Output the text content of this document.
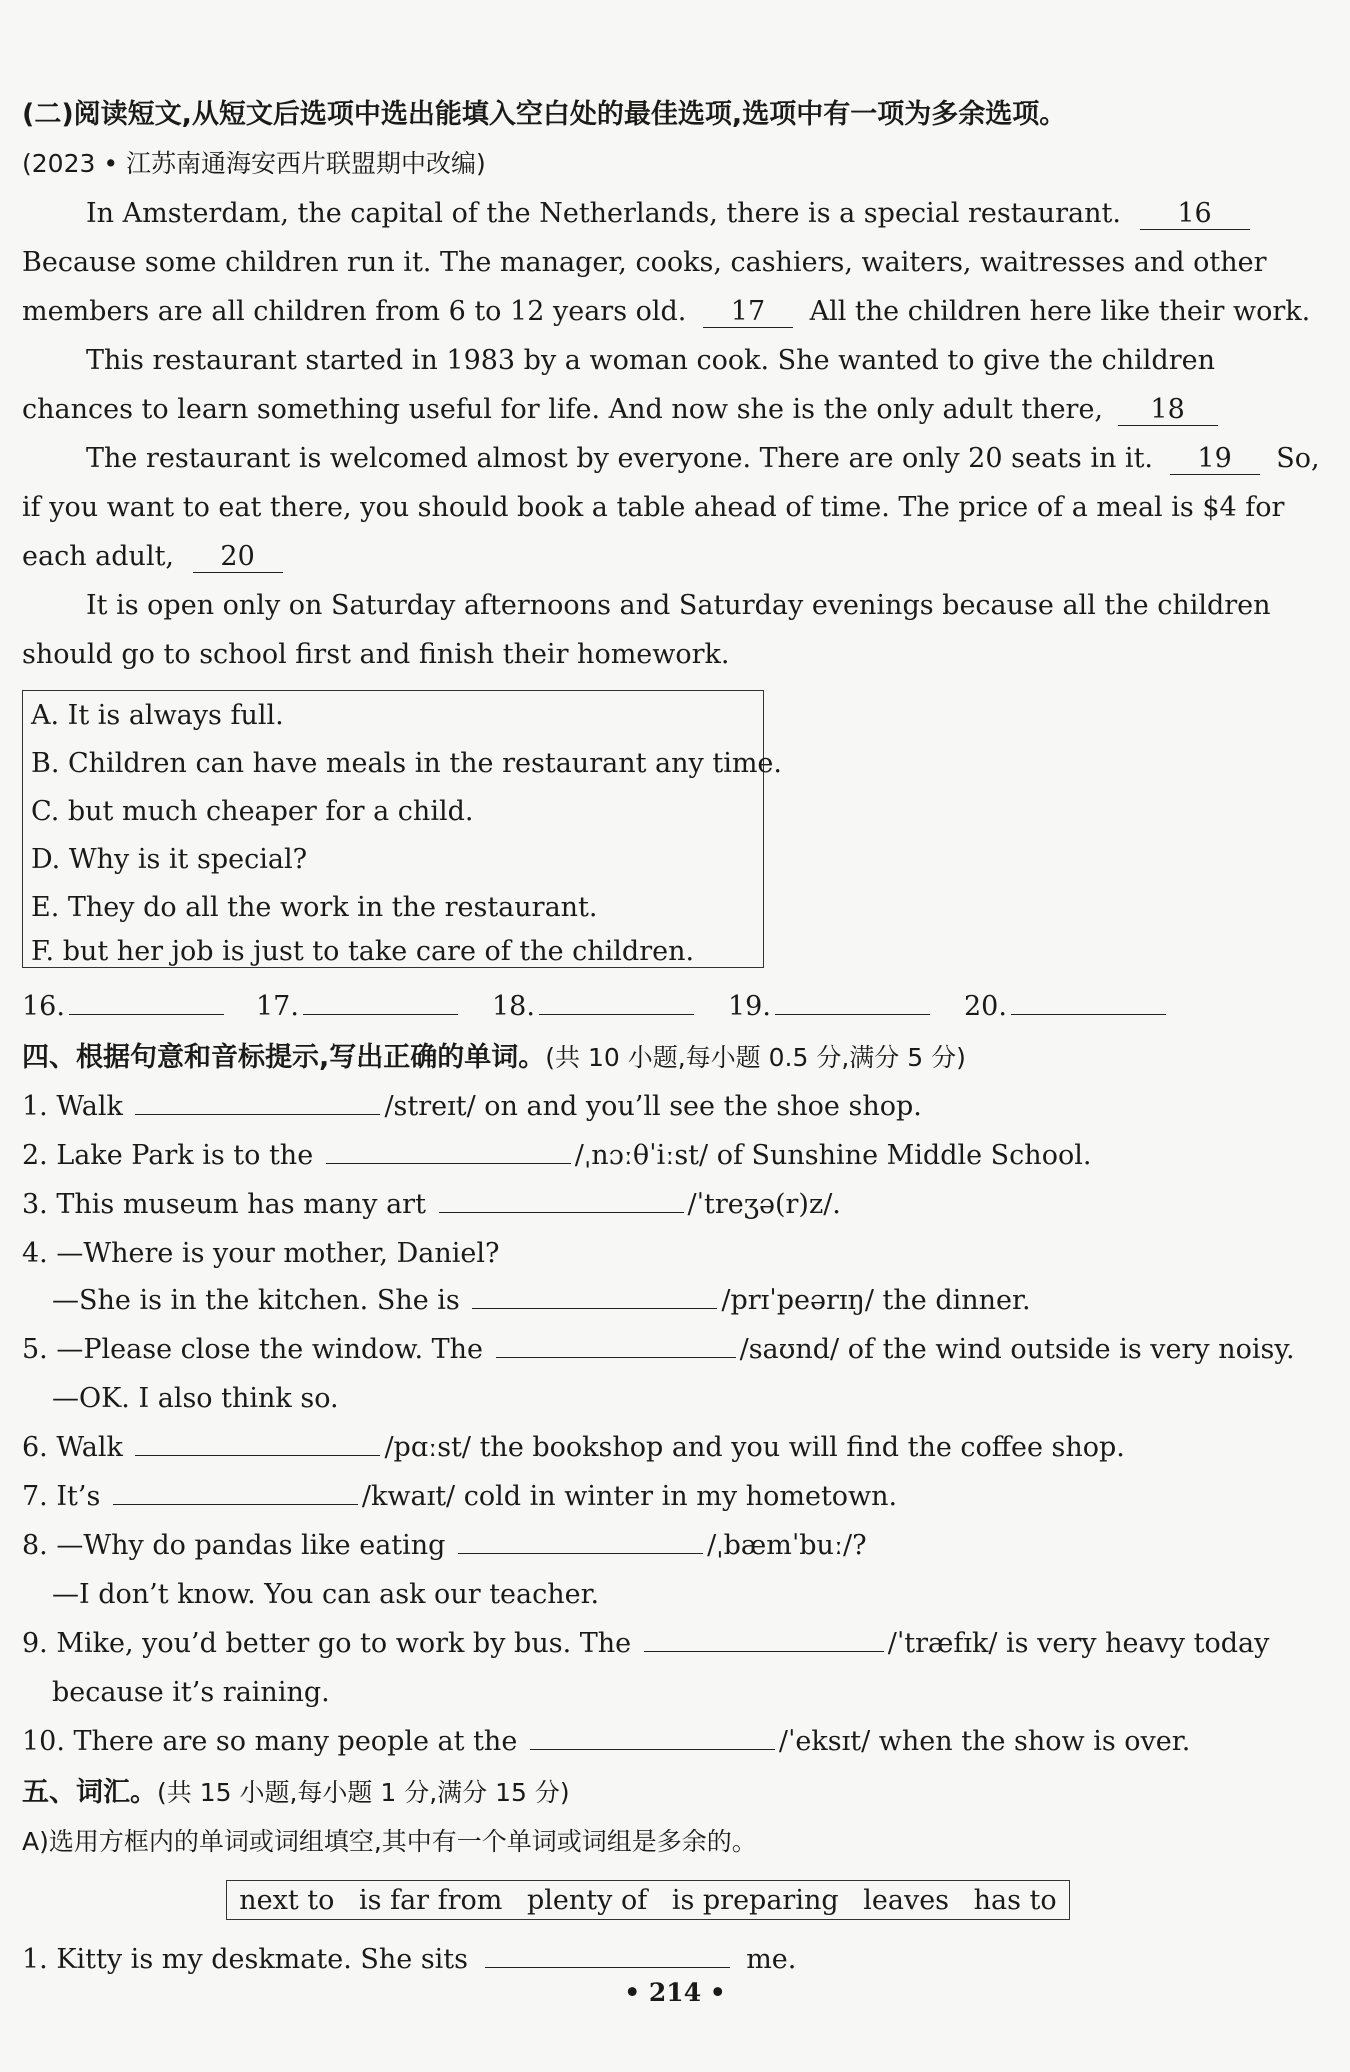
(二)阅读短文,从短文后选项中选出能填入空白处的最佳选项,选项中有一项为多余选项。
(2023 • 江苏南通海安西片联盟期中改编)
In Amsterdam, the capital of the Netherlands, there is a special restaurant. 16
Because some children run it. The manager, cooks, cashiers, waiters, waitresses and other
members are all children from 6 to 12 years old. 17 All the children here like their work.
This restaurant started in 1983 by a woman cook. She wanted to give the children
chances to learn something useful for life. And now she is the only adult there, 18
The restaurant is welcomed almost by everyone. There are only 20 seats in it. 19 So,
if you want to eat there, you should book a table ahead of time. The price of a meal is $4 for
each adult, 20
It is open only on Saturday afternoons and Saturday evenings because all the children
should go to school first and finish their homework.
A. It is always full.
B. Children can have meals in the restaurant any time.
C. but much cheaper for a child.
D. Why is it special?
E. They do all the work in the restaurant.
F. but her job is just to take care of the children.
16.	17.	18.	19.	20.
四、根据句意和音标提示,写出正确的单词。(共 10 小题,每小题 0.5 分,满分 5 分)
1. Walk	/streɪt/ on and you’ll see the shoe shop.
2. Lake Park is to the	/ˌnɔːθˈiːst/ of Sunshine Middle School.
3. This museum has many art	/ˈtreʒə(r)z/.
4. —Where is your mother, Daniel?
—She is in the kitchen. She is	/prɪˈpeərɪŋ/ the dinner.
5. —Please close the window. The	/saʊnd/ of the wind outside is very noisy.
—OK. I also think so.
6. Walk	/pɑːst/ the bookshop and you will find the coffee shop.
7. It’s	/kwaɪt/ cold in winter in my hometown.
8. —Why do pandas like eating	/ˌbæmˈbuː/?
—I don’t know. You can ask our teacher.
9. Mike, you’d better go to work by bus. The	/ˈtræfɪk/ is very heavy today
because it’s raining.
10. There are so many people at the	/ˈeksɪt/ when the show is over.
五、词汇。(共 15 小题,每小题 1 分,满分 15 分)
A)选用方框内的单词或词组填空,其中有一个单词或词组是多余的。
next to is far from plenty of is preparing leaves has to
1. Kitty is my deskmate. She sits	me.
• 214 •
